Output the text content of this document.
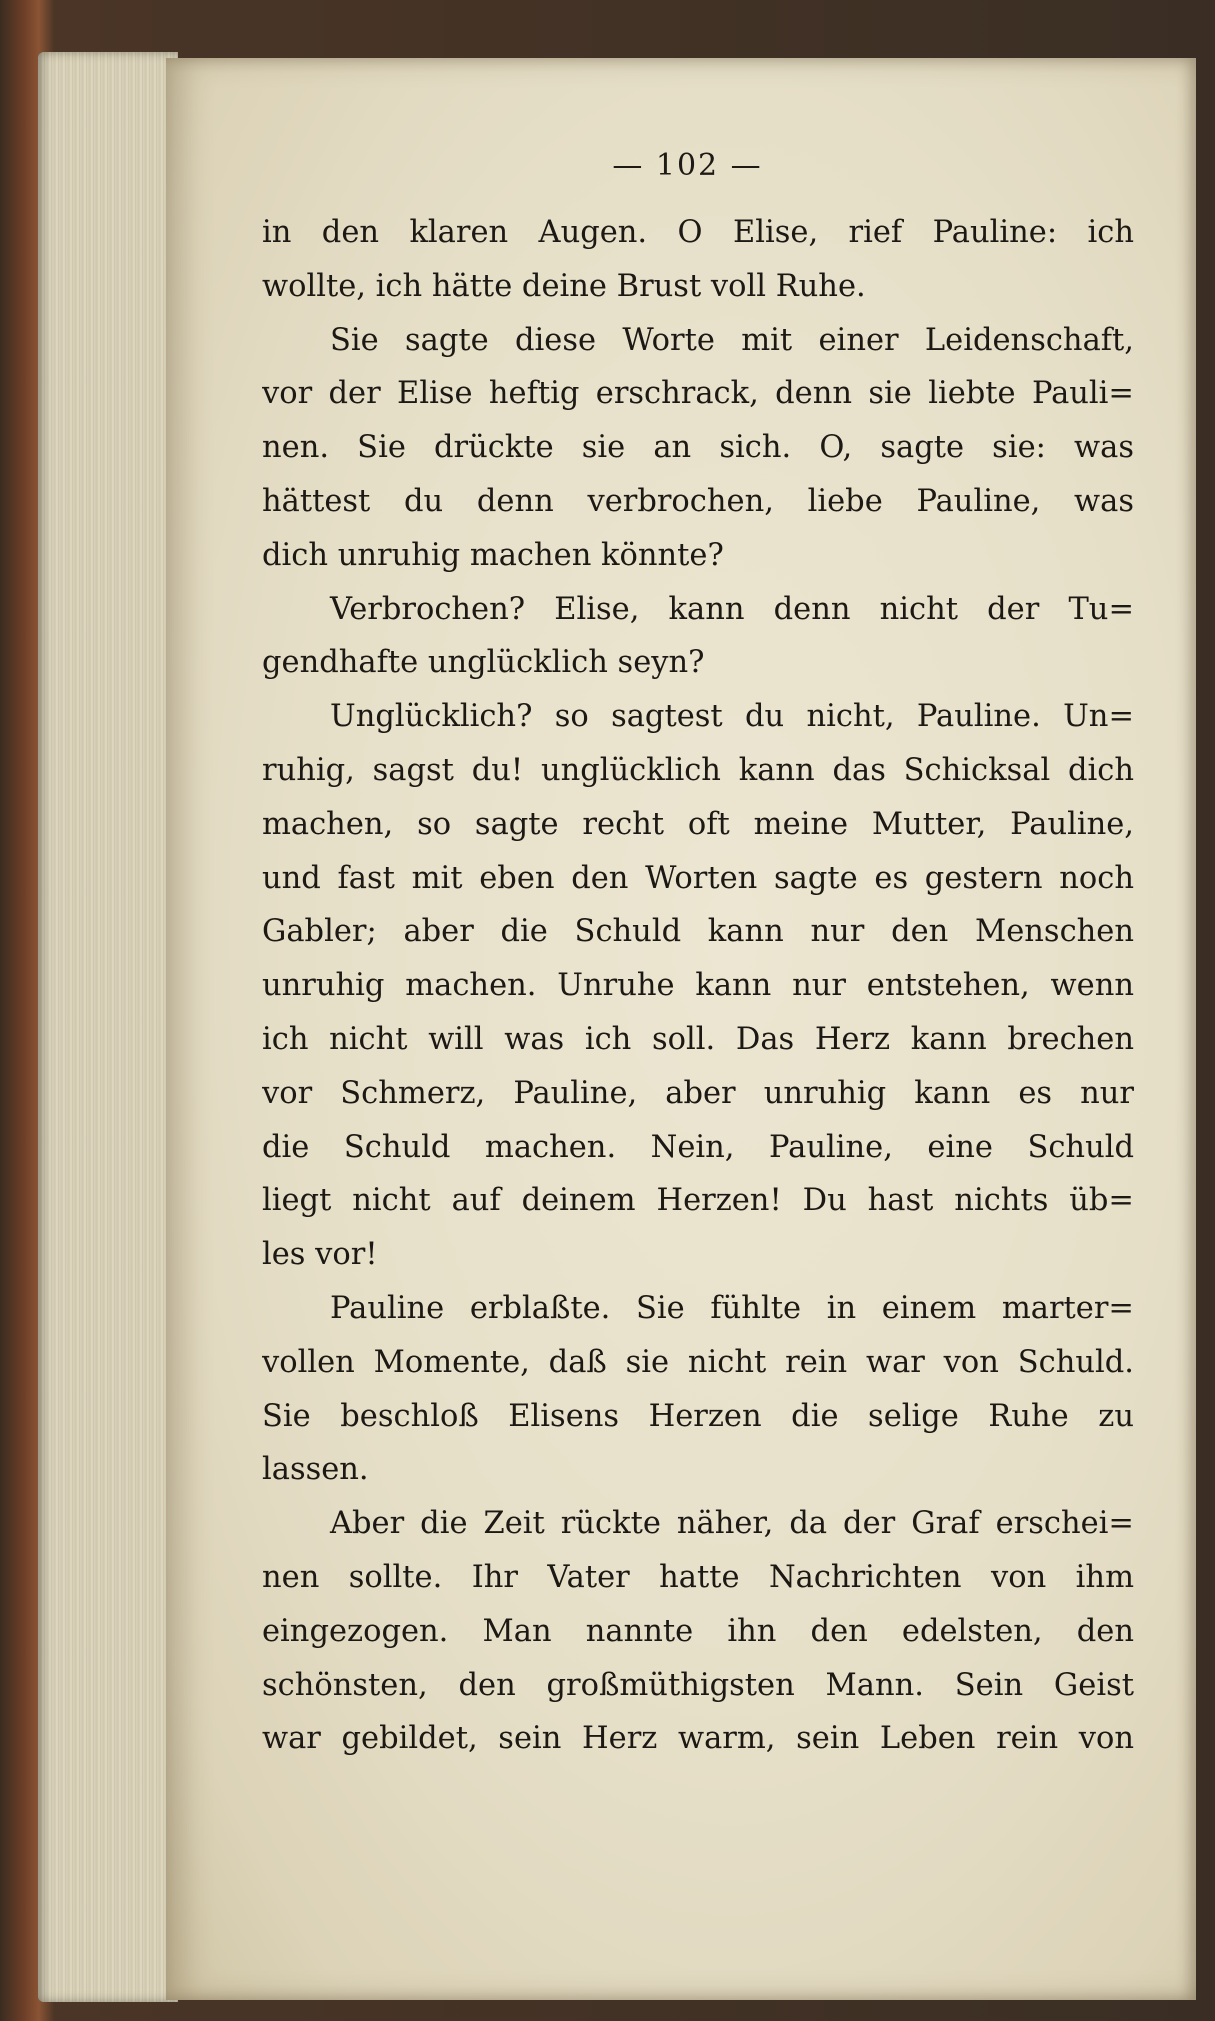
— 102 —
in den klaren Augen. O Elise, rief Pauline: ich
wollte, ich hätte deine Brust voll Ruhe.
Sie sagte diese Worte mit einer Leidenschaft,
vor der Elise heftig erschrack, denn sie liebte Pauli=
nen. Sie drückte sie an sich. O, sagte sie: was
hättest du denn verbrochen, liebe Pauline, was
dich unruhig machen könnte?
Verbrochen? Elise, kann denn nicht der Tu=
gendhafte unglücklich seyn?
Unglücklich? so sagtest du nicht, Pauline. Un=
ruhig, sagst du! unglücklich kann das Schicksal dich
machen, so sagte recht oft meine Mutter, Pauline,
und fast mit eben den Worten sagte es gestern noch
Gabler; aber die Schuld kann nur den Menschen
unruhig machen. Unruhe kann nur entstehen, wenn
ich nicht will was ich soll. Das Herz kann brechen
vor Schmerz, Pauline, aber unruhig kann es nur
die Schuld machen. Nein, Pauline, eine Schuld
liegt nicht auf deinem Herzen! Du hast nichts üb=
les vor!
Pauline erblaßte. Sie fühlte in einem marter=
vollen Momente, daß sie nicht rein war von Schuld.
Sie beschloß Elisens Herzen die selige Ruhe zu
lassen.
Aber die Zeit rückte näher, da der Graf erschei=
nen sollte. Ihr Vater hatte Nachrichten von ihm
eingezogen. Man nannte ihn den edelsten, den
schönsten, den großmüthigsten Mann. Sein Geist
war gebildet, sein Herz warm, sein Leben rein von
